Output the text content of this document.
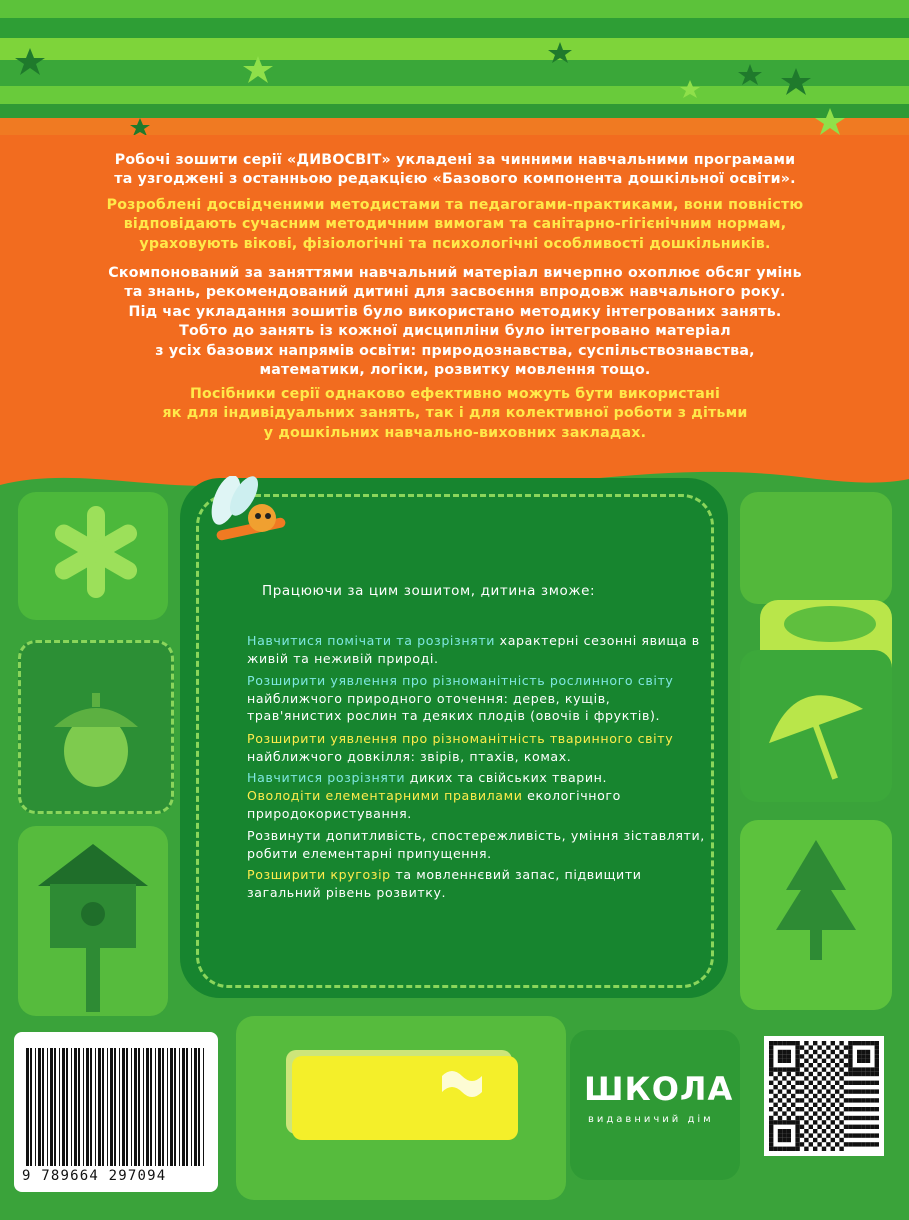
Робочі зошити серії «ДИВОСВІТ» укладені за чинними навчальними програмами
та узгоджені з останньою редакцією «Базового компонента дошкільної освіти».
Розроблені досвідченими методистами та педагогами-практиками, вони повністю
відповідають сучасним методичним вимогам та санітарно-гігієнічним нормам,
ураховують вікові, фізіологічні та психологічні особливості дошкільників.
Скомпонований за заняттями навчальний матеріал вичерпно охоплює обсяг умінь
та знань, рекомендований дитині для засвоєння впродовж навчального року.
Під час укладання зошитів було використано методику інтегрованих занять.
Тобто до занять із кожної дисципліни було інтегровано матеріал
з усіх базових напрямів освіти: природознавства, суспільствознавства,
математики, логіки, розвитку мовлення тощо.
Посібники серії однаково ефективно можуть бути використані
як для індивідуальних занять, так і для колективної роботи з дітьми
у дошкільних навчально-виховних закладах.
Працюючи за цим зошитом, дитина зможе:
Навчитися помічати та розрізняти характерні сезонні явища в живій та неживій природі.
Розширити уявлення про різноманітність рослинного світу найближчого природного оточення: дерев, кущів, трав'янистих рослин та деяких плодів (овочів і фруктів).
Розширити уявлення про різноманітність тваринного світу найближчого довкілля: звірів, птахів, комах.
Навчитися розрізняти диких та свійських тварин.
Оволодіти елементарними правилами екологічного природокористування.
Розвинути допитливість, спостережливість, уміння зіставляти, робити елементарні припущення.
Розширити кругозір та мовленнєвий запас, підвищити загальний рівень розвитку.
ШКОЛА
видавничий дім
9 789664 297094
